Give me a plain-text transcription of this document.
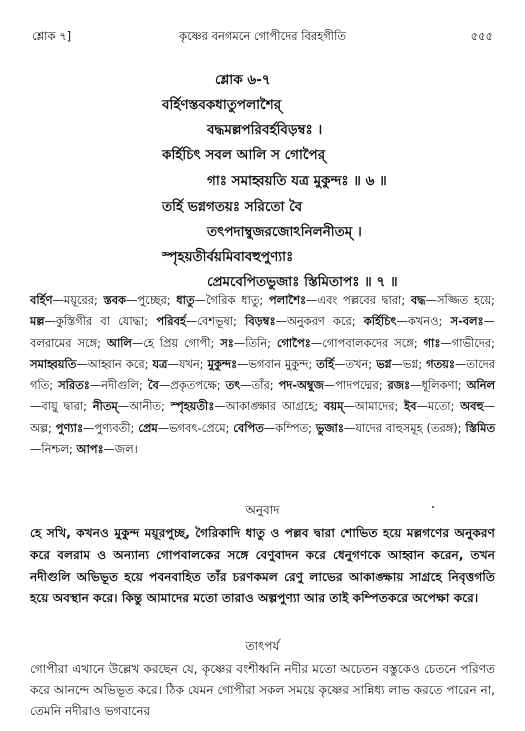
শ্লোক ৭]	কৃষ্ণের বনগমনে গোপীদের বিরহগীতি	৫৫৫
শ্লোক ৬-৭
বর্হিণস্তবকধাতুপলাশৈর্
বদ্ধমল্লপরিবর্হবিড়ম্বঃ ।
কর্হিচিৎ সবল আলি স গোপৈর্
গাঃ সমাহ্বয়তি যত্র মুকুন্দঃ ॥ ৬ ॥
তর্হি ভগ্নগতয়ঃ সরিতো বৈ
তৎপদাম্বুজরজোঽনিলনীতম্ ।
স্পৃহয়তীর্বয়মিবাবহুপুণ্যাঃ
প্রেমবেপিতভুজাঃ স্তিমিতাপঃ ॥ ৭ ॥
বর্হিণ—ময়ূরের; স্তবক—পুচ্ছের; ধাতু—গৈরিক ধাতু; পলাশৈঃ—এবং পল্লবের দ্বারা; বদ্ধ—সজ্জিত হয়ে; মল্ল—কুস্তিগীর বা যোদ্ধা; পরিবর্হ—বেশভূষা; বিড়ম্বঃ—অনুকরণ করে; কর্হিচিৎ—কখনও; স-বলঃ—বলরামের সঙ্গে; আলি—হে প্রিয় গোপী; সঃ—তিনি; গোপৈঃ—গোপবালকদের সঙ্গে; গাঃ—গাভীদের; সমাহ্বয়তি—আহ্বান করে; যত্র—যখন; মুকুন্দঃ—ভগবান মুকুন্দ; তর্হি—তখন; ভগ্ন—ভগ্ন; গতয়ঃ—তাদের গতি; সরিতঃ—নদীগুলি; বৈ—প্রকৃতপক্ষে; তৎ—তাঁর; পদ-অম্বুজ—পাদপদ্মের; রজঃ—ধূলিকণা; অনিল—বায়ু দ্বারা; নীতম্—আনীত; স্পৃহয়তীঃ—আকাঙ্ক্ষার আগ্রহে; বয়ম্—আমাদের; ইব—মতো; অবহু—অল্প; পুণ্যাঃ—পুণ্যবতী; প্রেম—ভগবৎ-প্রেমে; বেপিত—কম্পিত; ভুজাঃ—যাদের বাহুসমূহ (তরঙ্গ); স্তিমিত—নিশ্চল; আপঃ—জল।
অনুবাদ
হে সখি, কখনও মুকুন্দ ময়ূরপুচ্ছ, গৈরিকাদি ধাতু ও পল্লব দ্বারা শোভিত হয়ে মল্লগণের অনুকরণ করে বলরাম ও অন্যান্য গোপবালকের সঙ্গে বেণুবাদন করে ধেনুগণকে আহ্বান করেন, তখন নদীগুলি অভিভূত হয়ে পবনবাহিত তাঁর চরণকমল রেণু লাভের আকাঙ্ক্ষায় সাগ্রহে নিবৃত্তগতি হয়ে অবস্থান করে। কিন্তু আমাদের মতো তারাও অল্পপুণ্যা আর তাই কম্পিতকরে অপেক্ষা করে।
তাৎপর্য
গোপীরা এখানে উল্লেখ করছেন যে, কৃষ্ণের বংশীধ্বনি নদীর মতো অচেতন বস্তুকেও চেতনে পরিণত করে আনন্দে অভিভূত করে। ঠিক যেমন গোপীরা সকল সময়ে কৃষ্ণের সান্নিধ্য লাভ করতে পারেন না, তেমনি নদীরাও ভগবানের
